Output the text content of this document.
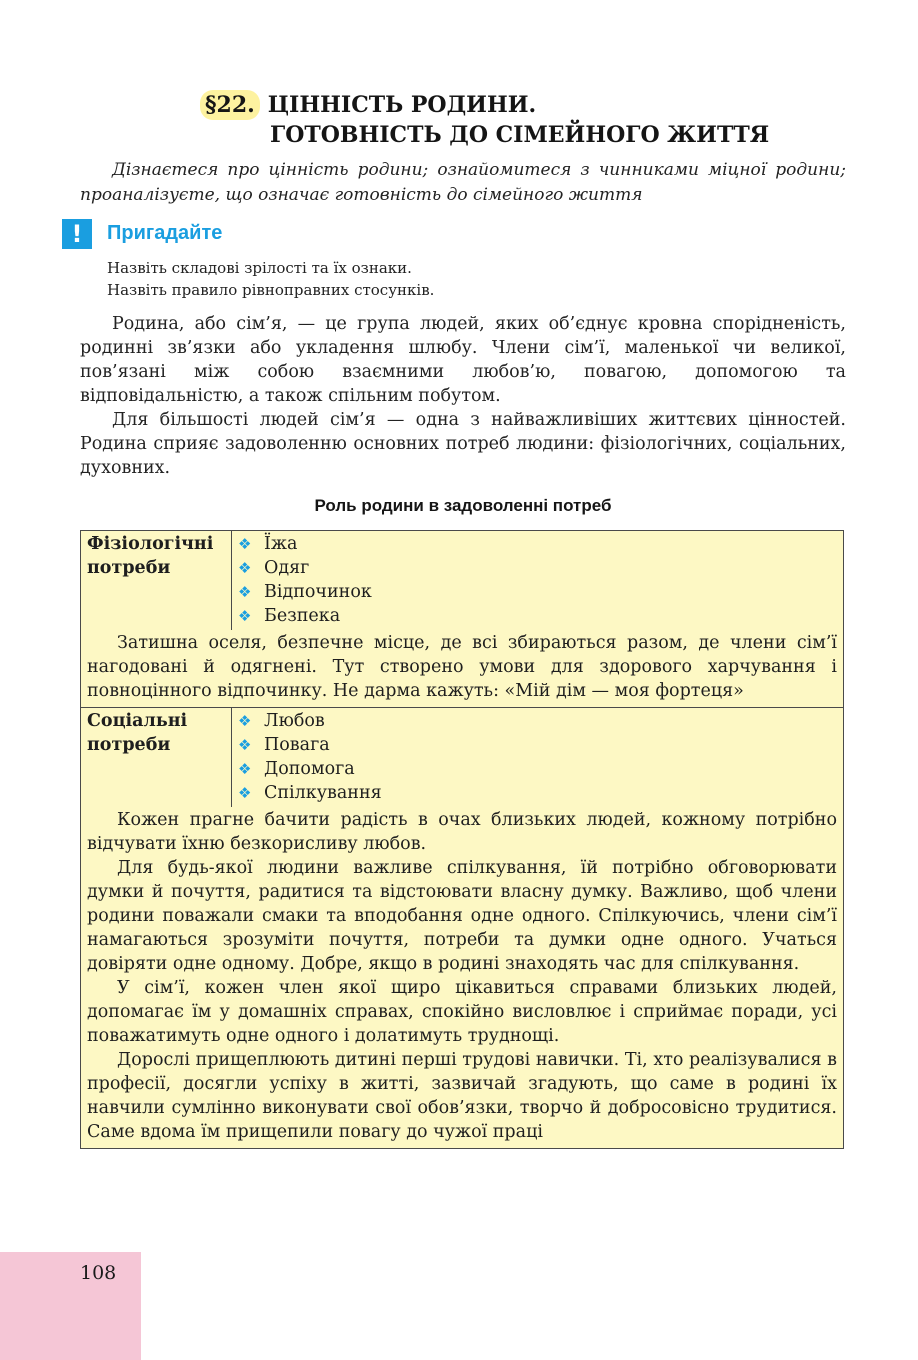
§22. ЦІННІСТЬ РОДИНИ.
ГОТОВНІСТЬ ДО СІМЕЙНОГО ЖИТТЯ

Дізнаєтеся про цінність родини; ознайомитеся з чинниками міцної родини; проаналізуєте, що означає готовність до сімейного життя

!	Пригадайте
Назвіть складові зрілості та їх ознаки.
Назвіть правило рівноправних стосунків.

Родина, або сім’я, — це група людей, яких об’єднує кровна спорідненість, родинні зв’язки або укладення шлюбу. Члени сім’ї, маленької чи великої, пов’язані між собою взаємними любов’ю, повагою, допомогою та відповідальністю, а також спільним побутом.

Для більшості людей сім’я — одна з найважливіших життєвих цінностей. Родина сприяє задоволенню основних потреб людини: фізіологічних, соціальних, духовних.

Роль родини в задоволенні потреб
Фізіологічні
потреби
❖ Їжа
❖ Одяг
❖ Відпочинок
❖ Безпека

Затишна оселя, безпечне місце, де всі збираються разом, де члени сім’ї нагодовані й одягнені. Тут створено умови для здорового харчування і повноцінного відпочинку. Не дарма кажуть: «Мій дім — моя фортеця»

Соціальні
потреби
❖ Любов
❖ Повага
❖ Допомога
❖ Спілкування

Кожен прагне бачити радість в очах близьких людей, кожному потрібно відчувати їхню безкорисливу любов.

Для будь-якої людини важливе спілкування, їй потрібно обговорювати думки й почуття, радитися та відстоювати власну думку. Важливо, щоб члени родини поважали смаки та вподобання одне одного. Спілкуючись, члени сім’ї намагаються зрозуміти почуття, потреби та думки одне одного. Учаться довіряти одне одному. Добре, якщо в родині знаходять час для спілкування.

У сім’ї, кожен член якої щиро цікавиться справами близьких людей, допомагає їм у домашніх справах, спокійно висловлює і сприймає поради, усі поважатимуть одне одного і долатимуть труднощі.

Дорослі прищеплюють дитині перші трудові навички. Ті, хто реалізувалися в професії, досягли успіху в житті, зазвичай згадують, що саме в родині їх навчили сумлінно виконувати свої обов’язки, творчо й добросовісно трудитися. Саме вдома їм прищепили повагу до чужої праці

108
